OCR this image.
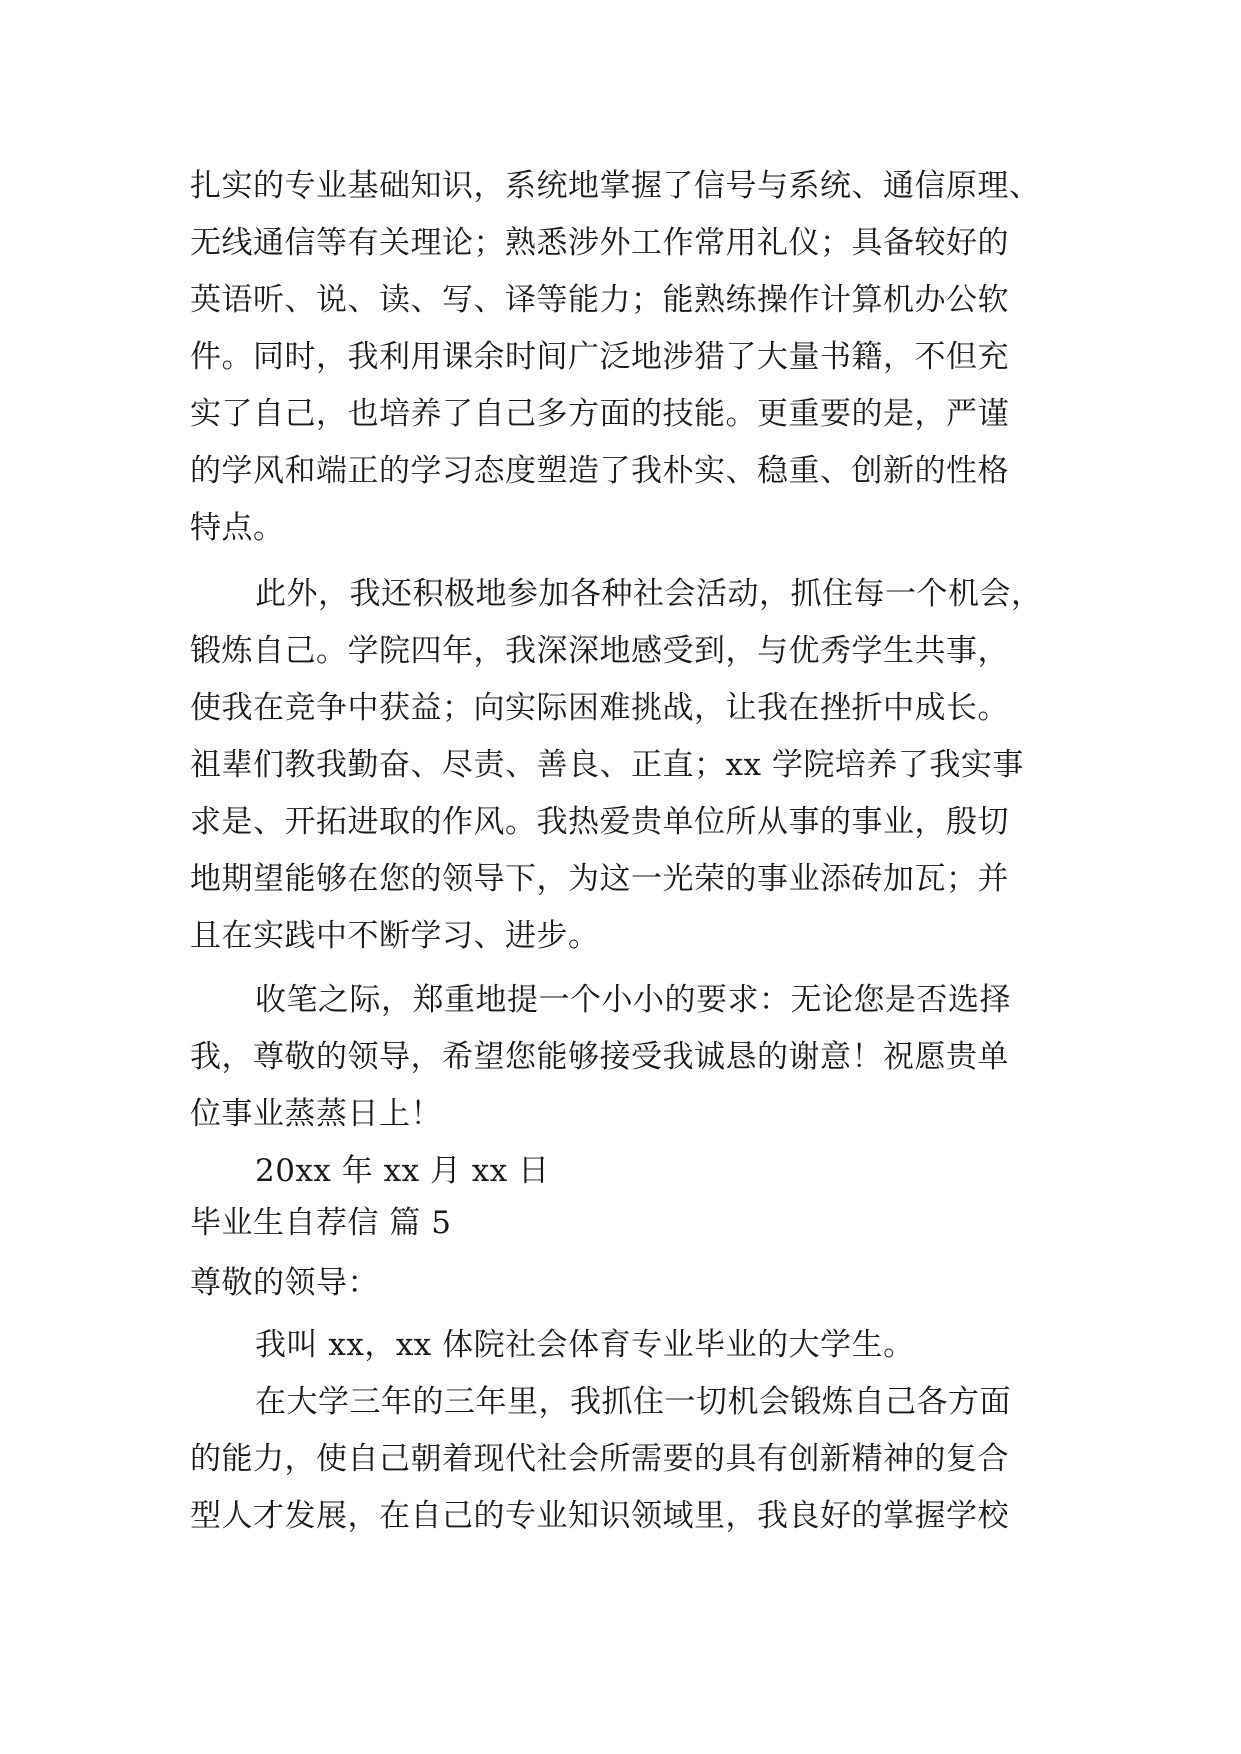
扎实的专业基础知识，系统地掌握了信号与系统、通信原理、
无线通信等有关理论；熟悉涉外工作常用礼仪；具备较好的
英语听、说、读、写、译等能力；能熟练操作计算机办公软
件。同时，我利用课余时间广泛地涉猎了大量书籍，不但充
实了自己，也培养了自己多方面的技能。更重要的是，严谨
的学风和端正的学习态度塑造了我朴实、稳重、创新的性格
特点。
此外，我还积极地参加各种社会活动，抓住每一个机会，
锻炼自己。学院四年，我深深地感受到，与优秀学生共事，
使我在竞争中获益；向实际困难挑战，让我在挫折中成长。
祖辈们教我勤奋、尽责、善良、正直；xx 学院培养了我实事
求是、开拓进取的作风。我热爱贵单位所从事的事业，殷切
地期望能够在您的领导下，为这一光荣的事业添砖加瓦；并
且在实践中不断学习、进步。
收笔之际，郑重地提一个小小的要求：无论您是否选择
我，尊敬的领导，希望您能够接受我诚恳的谢意！祝愿贵单
位事业蒸蒸日上！
20xx 年 xx 月 xx 日
毕业生自荐信 篇 5
尊敬的领导：
我叫 xx，xx 体院社会体育专业毕业的大学生。
在大学三年的三年里，我抓住一切机会锻炼自己各方面
的能力，使自己朝着现代社会所需要的具有创新精神的复合
型人才发展，在自己的专业知识领域里，我良好的掌握学校
